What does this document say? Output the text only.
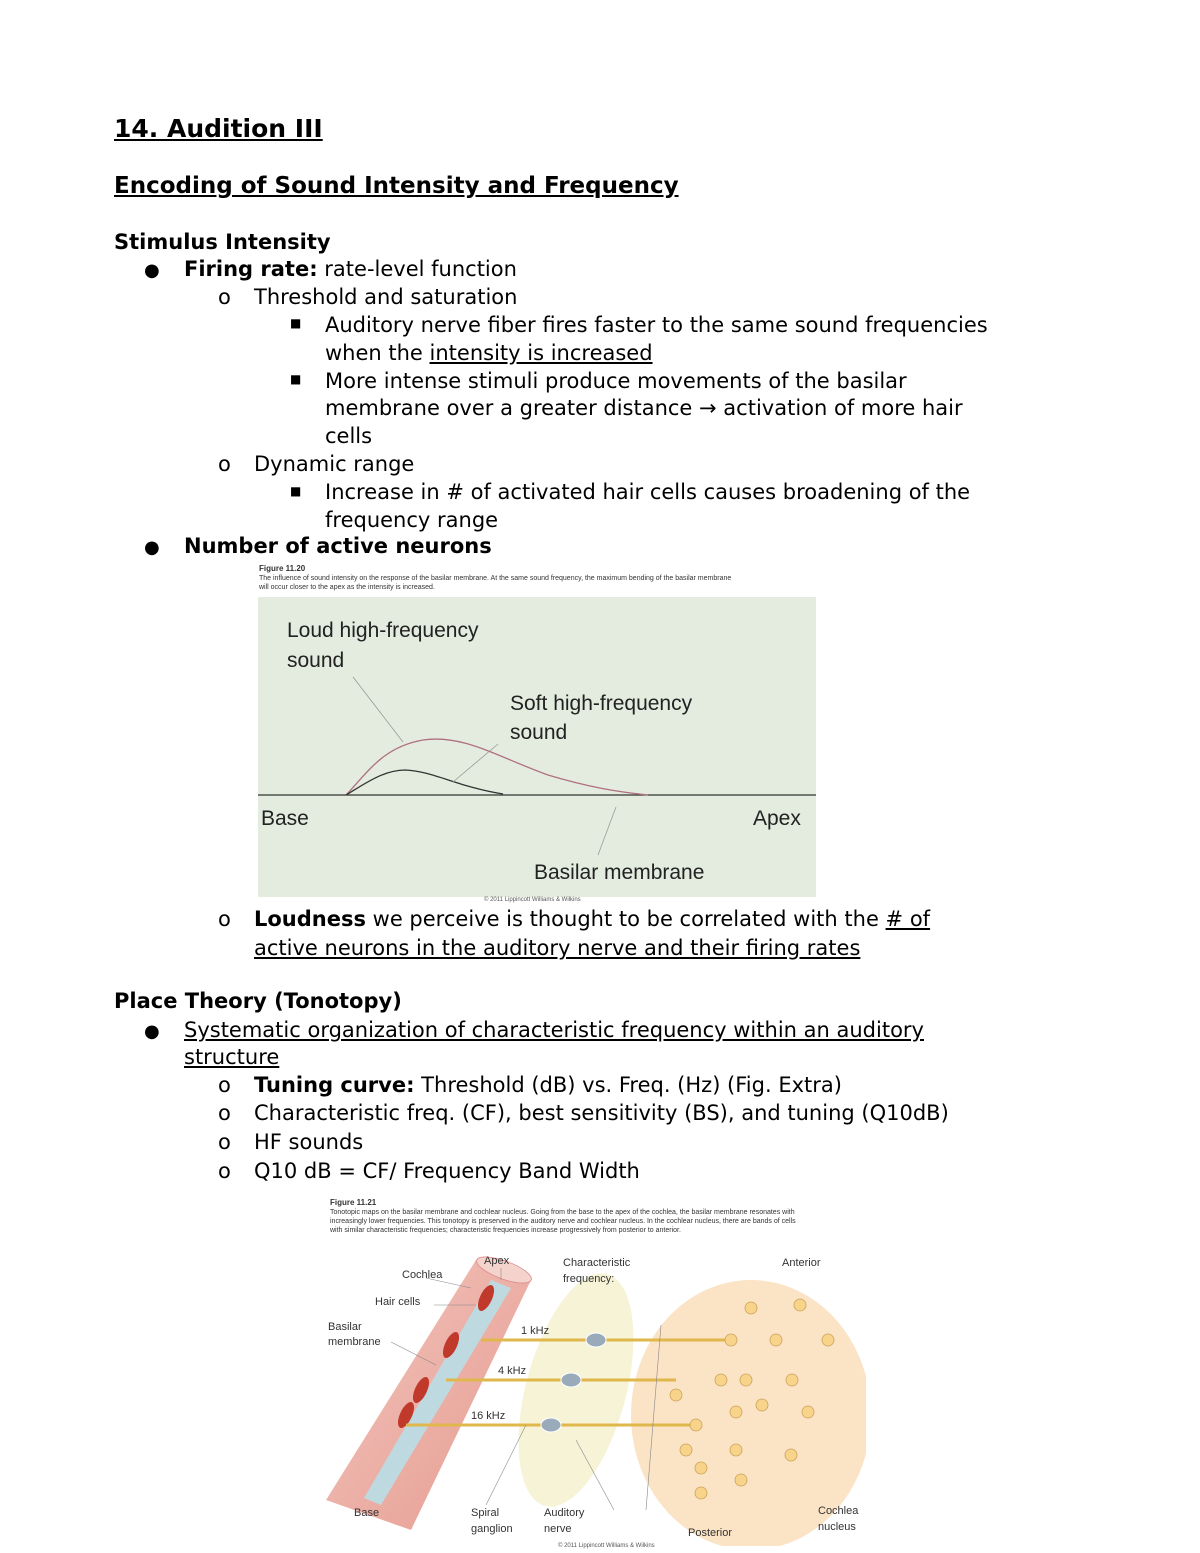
14. Audition III
Encoding of Sound Intensity and Frequency
Stimulus Intensity
● Firing rate: rate-level function
o Threshold and saturation
■ Auditory nerve fiber fires faster to the same sound frequencies
when the intensity is increased
■ More intense stimuli produce movements of the basilar
membrane over a greater distance → activation of more hair
cells
o Dynamic range
■ Increase in # of activated hair cells causes broadening of the
frequency range
● Number of active neurons
Figure 11.20
The influence of sound intensity on the response of the basilar membrane. At the same sound frequency, the maximum bending of the basilar membrane
will occur closer to the apex as the intensity is increased.
Loud high-frequency
sound
Soft high-frequency
sound
Base	Apex
Basilar membrane
© 2011 Lippincott Williams & Wilkins
o Loudness we perceive is thought to be correlated with the # of
active neurons in the auditory nerve and their firing rates
Place Theory (Tonotopy)
● Systematic organization of characteristic frequency within an auditory
structure
o Tuning curve: Threshold (dB) vs. Freq. (Hz) (Fig. Extra)
o Characteristic freq. (CF), best sensitivity (BS), and tuning (Q10dB)
o HF sounds
o Q10 dB = CF/ Frequency Band Width
Figure 11.21
Tonotopic maps on the basilar membrane and cochlear nucleus. Going from the base to the apex of the cochlea, the basilar membrane resonates with
increasingly lower frequencies. This tonotopy is preserved in the auditory nerve and cochlear nucleus. In the cochlear nucleus, there are bands of cells
with similar characteristic frequencies; characteristic frequencies increase progressively from posterior to anterior.
Apex
Cochlea
Hair cells
Basilar
membrane
Characteristic
frequency:
Anterior
1 kHz
4 kHz
16 kHz
Base	Spiral
ganglion
Auditory
nerve	Posterior
Cochlea
nucleus
© 2011 Lippincott Williams & Wilkins
